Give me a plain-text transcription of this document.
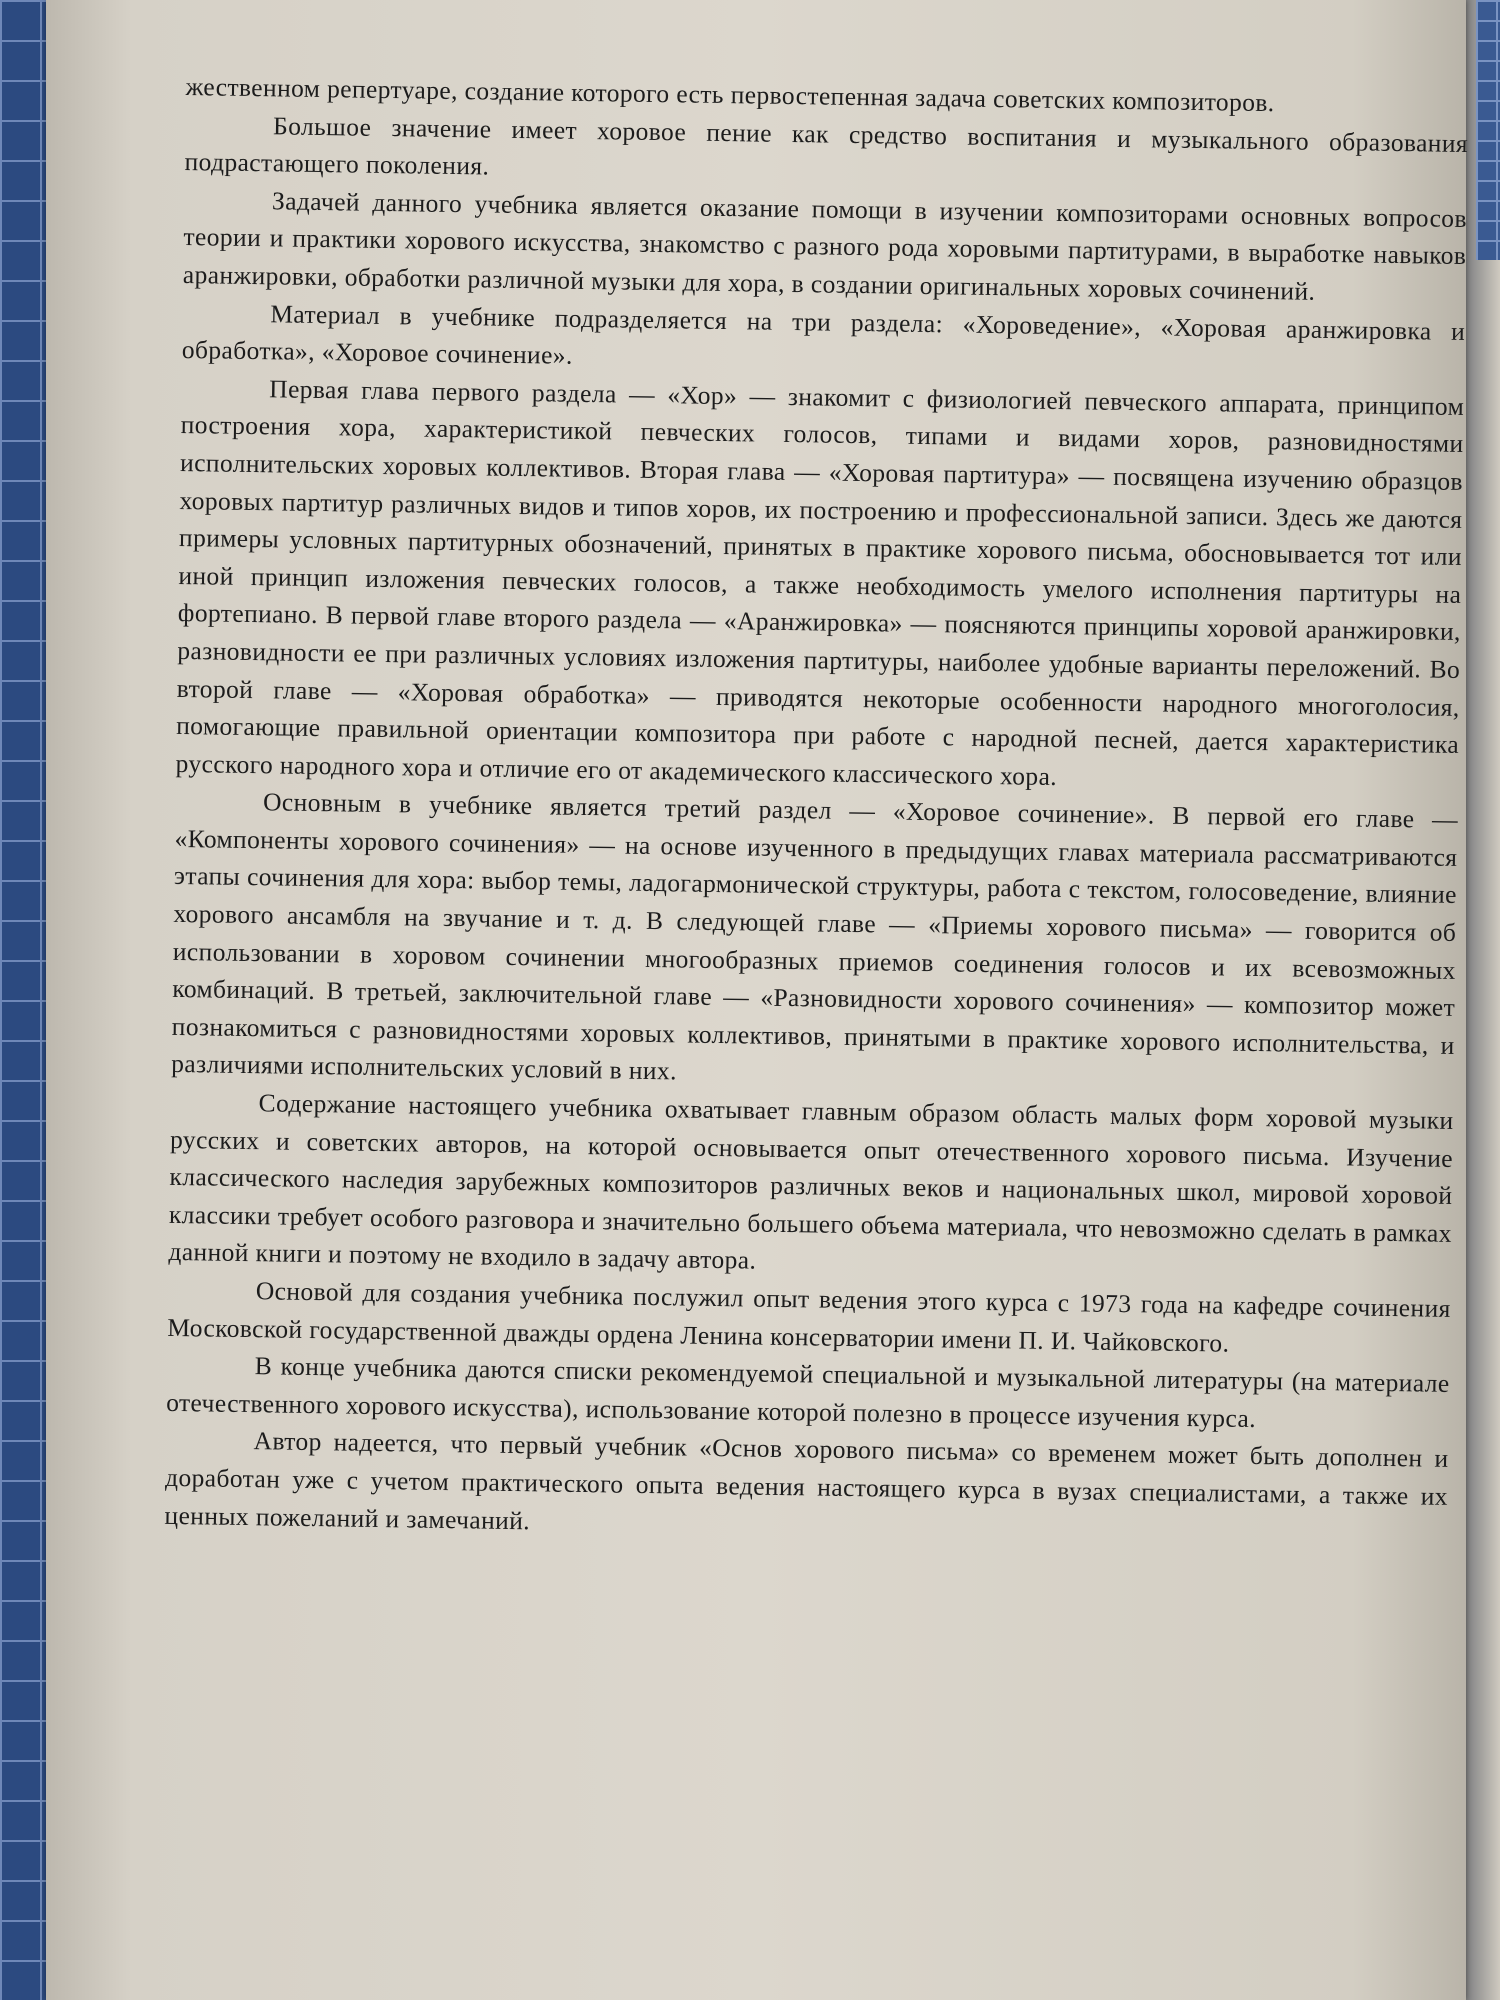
жественном репертуаре, создание которого есть первостепенная задача советских композиторов.

Большое значение имеет хоровое пение как средство воспитания и музыкального образования подрастающего поколения.

Задачей данного учебника является оказание помощи в изучении композиторами основных вопросов теории и практики хорового искусства, знакомство с разного рода хоровыми партитурами, в выработке навыков аранжировки, обработки различной музыки для хора, в создании оригинальных хоровых сочинений.

Материал в учебнике подразделяется на три раздела: «Хороведение», «Хоровая аранжировка и обработка», «Хоровое сочинение».

Первая глава первого раздела — «Хор» — знакомит с физиологией певческого аппарата, принципом построения хора, характеристикой певческих голосов, типами и видами хоров, разновидностями исполнительских хоровых коллективов. Вторая глава — «Хоровая партитура» — посвящена изучению образцов хоровых партитур различных видов и типов хоров, их построению и профессиональной записи. Здесь же даются примеры условных партитурных обозначений, принятых в практике хорового письма, обосновывается тот или иной принцип изложения певческих голосов, а также необходимость умелого исполнения партитуры на фортепиано. В первой главе второго раздела — «Аранжировка» — поясняются принципы хоровой аранжировки, разновидности ее при различных условиях изложения партитуры, наиболее удобные варианты переложений. Во второй главе — «Хоровая обработка» — приводятся некоторые особенности народного многоголосия, помогающие правильной ориентации композитора при работе с народной песней, дается характеристика русского народного хора и отличие его от академического классического хора.

Основным в учебнике является третий раздел — «Хоровое сочинение». В первой его главе — «Компоненты хорового сочинения» — на основе изученного в предыдущих главах материала рассматриваются этапы сочинения для хора: выбор темы, ладогармонической структуры, работа с текстом, голосоведение, влияние хорового ансамбля на звучание и т. д. В следующей главе — «Приемы хорового письма» — говорится об использовании в хоровом сочинении многообразных приемов соединения голосов и их всевозможных комбинаций. В третьей, заключительной главе — «Разновидности хорового сочинения» — композитор может познакомиться с разновидностями хоровых коллективов, принятыми в практике хорового исполнительства, и различиями исполнительских условий в них.

Содержание настоящего учебника охватывает главным образом область малых форм хоровой музыки русских и советских авторов, на которой основывается опыт отечественного хорового письма. Изучение классического наследия зарубежных композиторов различных веков и национальных школ, мировой хоровой классики требует особого разговора и значительно большего объема материала, что невозможно сделать в рамках данной книги и поэтому не входило в задачу автора.

Основой для создания учебника послужил опыт ведения этого курса с 1973 года на кафедре сочинения Московской государственной дважды ордена Ленина консерватории имени П. И. Чайковского.

В конце учебника даются списки рекомендуемой специальной и музыкальной литературы (на материале отечественного хорового искусства), использование которой полезно в процессе изучения курса.

Автор надеется, что первый учебник «Основ хорового письма» со временем может быть дополнен и доработан уже с учетом практического опыта ведения настоящего курса в вузах специалистами, а также их ценных пожеланий и замечаний.
